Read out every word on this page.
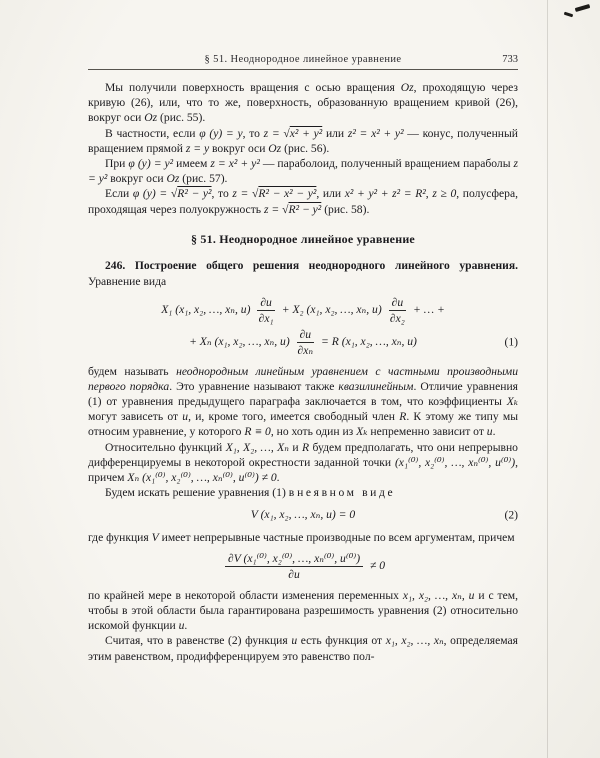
§ 51. Неоднородное линейное уравнение	733

Мы получили поверхность вращения с осью вращения Oz, проходящую через кривую (26), или, что то же, поверхность, образованную вращением кривой (26), вокруг оси Oz (рис. 55).

В частности, если φ (y) = y, то z = √x² + y² или z² = x² + y² — конус, полученный вращением прямой z = y вокруг оси Oz (рис. 56).

При φ (y) = y² имеем z = x² + y² — параболоид, полученный вращением параболы z = y² вокруг оси Oz (рис. 57).

Если φ (y) = √R² − y², то z = √R² − x² − y², или x² + y² + z² = R², z ≥ 0, полусфера, проходящая через полуокружность z = √R² − y² (рис. 58).

§ 51. Неоднородное линейное уравнение

246. Построение общего решения неоднородного линейного уравнения. Уравнение вида

X₁ (x₁, x₂, …, xₙ, $u) \frac{\partial u}{\text{∂x₁}} + X_2$ (x₁, x₂, …, xₙ, $u) \frac{\partial u}{\text{∂x₂}}$ + … +
+ Xₙ (x₁, x₂, …, xₙ, $u) \frac{\partial u}{\text{∂xₙ}} = R$ (x₁, x₂, …, xₙ, u)	(1)

будем называть неоднородным линейным уравнением с частными производными первого порядка. Это уравнение называют также квазилинейным. Отличие уравнения (1) от уравнения предыдущего параграфа заключается в том, что коэффициенты Xₖ могут зависеть от u, и, кроме того, имеется свободный член R. К этому же типу мы относим уравнение, у которого R ≡ 0, но хоть один из Xₖ непременно зависит от u.

Относительно функций X₁, X₂, …, Xₙ и R будем предполагать, что они непрерывно дифференцируемы в некоторой окрестности заданной точки (x₁⁽⁰⁾, x₂⁽⁰⁾, …, xₙ⁽⁰⁾, u⁽⁰⁾), причем Xₙ (x₁⁽⁰⁾, x₂⁽⁰⁾, …, xₙ⁽⁰⁾, u⁽⁰⁾) ≠ 0.

Будем искать решение уравнения (1) в неявном виде

V (x₁, x₂, …, xₙ, u) = 0	(2)

где функция V имеет непрерывные частные производные по всем аргументам, причем

$\frac{\text{∂V (x₁⁽⁰⁾, x₂⁽⁰⁾, …, xₙ⁽⁰⁾, u⁽⁰⁾)}}{\partial u} \ne 0$

по крайней мере в некоторой области изменения переменных x₁, x₂, …, xₙ, u и с тем, чтобы в этой области была гарантирована разрешимость уравнения (2) относительно искомой функции u.

Считая, что в равенстве (2) функция u есть функция от x₁, x₂, …, xₙ, определяемая этим равенством, продифференцируем это равенство пол-
